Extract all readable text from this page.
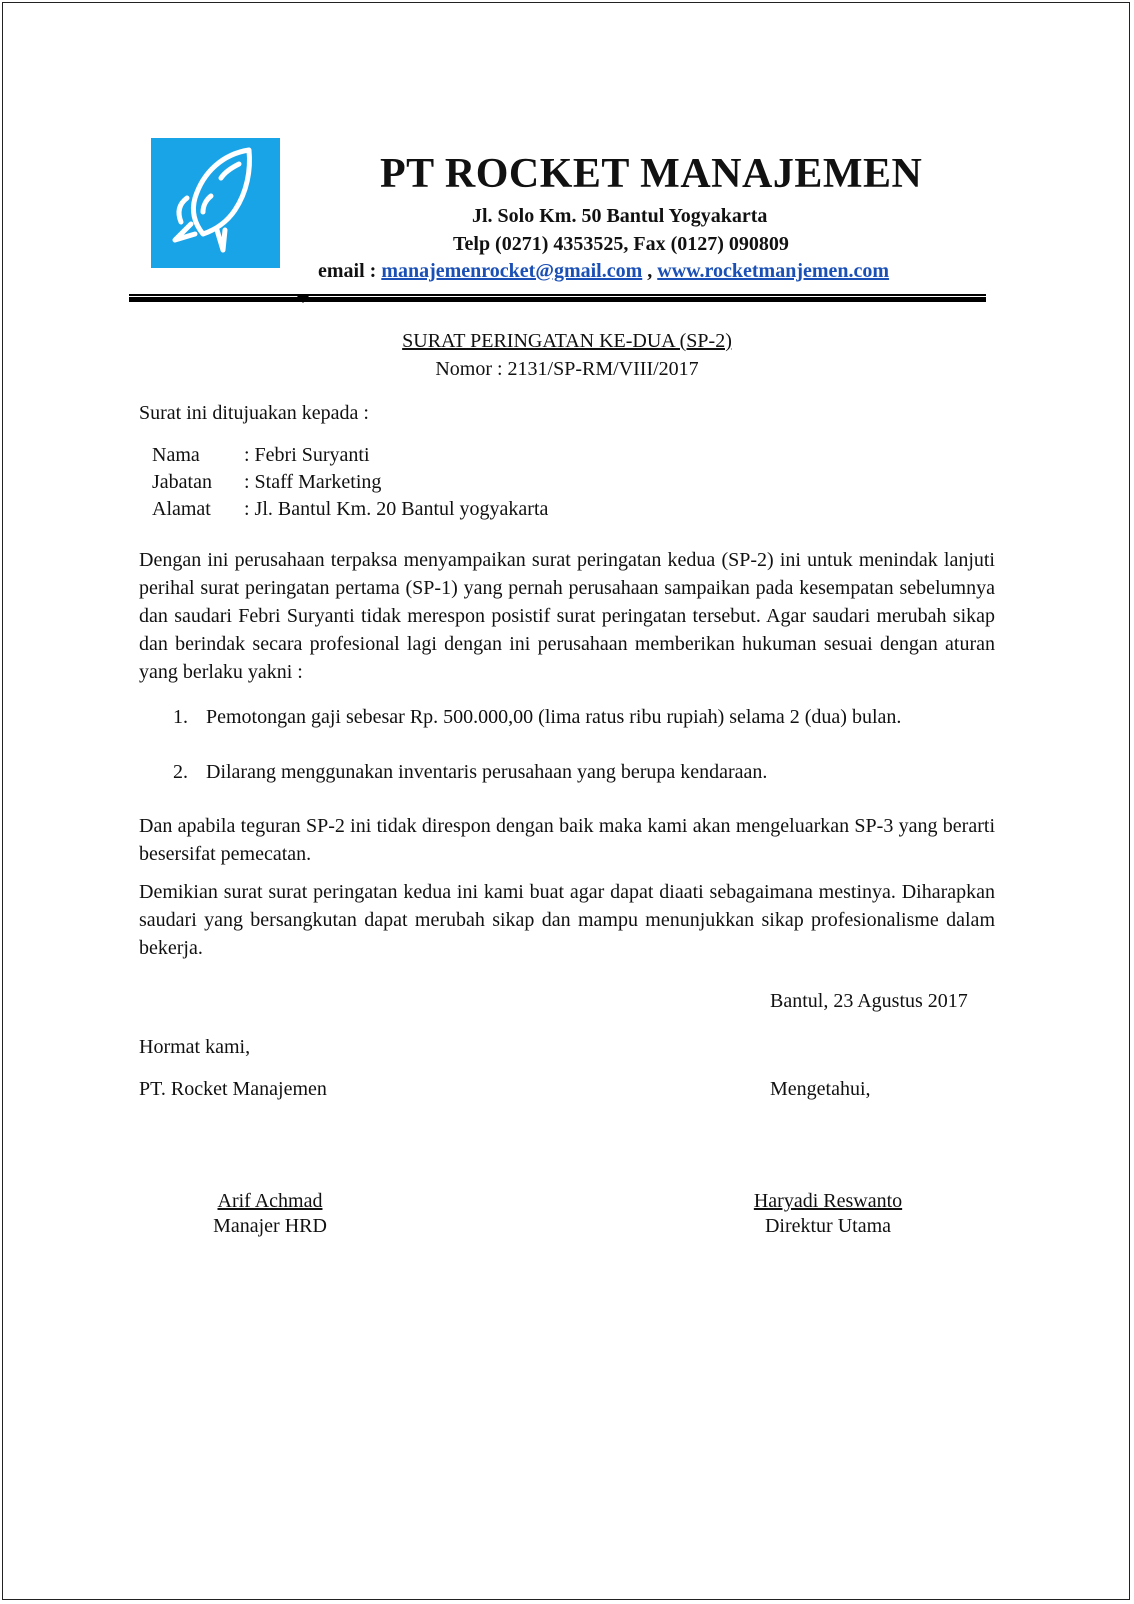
PT ROCKET MANAJEMEN
Jl. Solo Km. 50 Bantul Yogyakarta
Telp (0271) 4353525, Fax (0127) 090809
email : manajemenrocket@gmail.com , www.rocketmanjemen.com
SURAT PERINGATAN KE-DUA (SP-2)
Nomor : 2131/SP-RM/VIII/2017
Surat ini ditujuakan kepada :
Nama : Febri Suryanti
Jabatan : Staff Marketing
Alamat : Jl. Bantul Km. 20 Bantul yogyakarta
Dengan ini perusahaan terpaksa menyampaikan surat peringatan kedua (SP-2) ini untuk menindak lanjuti perihal surat peringatan pertama (SP-1) yang pernah perusahaan sampaikan pada kesempatan sebelumnya dan saudari Febri Suryanti tidak merespon posistif surat peringatan tersebut. Agar saudari merubah sikap dan berindak secara profesional lagi dengan ini perusahaan memberikan hukuman sesuai dengan aturan yang berlaku yakni :
1. Pemotongan gaji sebesar Rp. 500.000,00 (lima ratus ribu rupiah) selama 2 (dua) bulan.
2. Dilarang menggunakan inventaris perusahaan yang berupa kendaraan.
Dan apabila teguran SP-2 ini tidak direspon dengan baik maka kami akan mengeluarkan SP-3 yang berarti besersifat pemecatan.
Demikian surat surat peringatan kedua ini kami buat agar dapat diaati sebagaimana mestinya. Diharapkan saudari yang bersangkutan dapat merubah sikap dan mampu menunjukkan sikap profesionalisme dalam bekerja.
Bantul, 23 Agustus 2017
Hormat kami,
PT. Rocket Manajemen	Mengetahui,
Arif Achmad
Manajer HRD
Haryadi Reswanto
Direktur Utama
